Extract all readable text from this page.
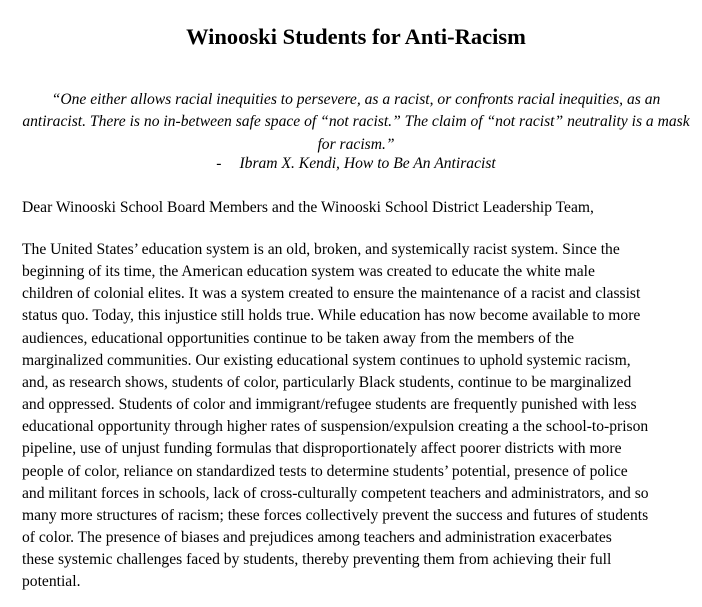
Winooski Students for Anti-Racism

“One either allows racial inequities to persevere, as a racist, or confronts racial inequities, as an antiracist. There is no in-between safe space of “not racist.” The claim of “not racist” neutrality is a mask for racism.”

- Ibram X. Kendi, How to Be An Antiracist

Dear Winooski School Board Members and the Winooski School District Leadership Team,

The United States’ education system is an old, broken, and systemically racist system. Since the
beginning of its time, the American education system was created to educate the white male
children of colonial elites. It was a system created to ensure the maintenance of a racist and classist
status quo. Today, this injustice still holds true. While education has now become available to more
audiences, educational opportunities continue to be taken away from the members of the
marginalized communities. Our existing educational system continues to uphold systemic racism,
and, as research shows, students of color, particularly Black students, continue to be marginalized
and oppressed. Students of color and immigrant/refugee students are frequently punished with less
educational opportunity through higher rates of suspension/expulsion creating a the school-to-prison
pipeline, use of unjust funding formulas that disproportionately affect poorer districts with more
people of color, reliance on standardized tests to determine students’ potential, presence of police
and militant forces in schools, lack of cross-culturally competent teachers and administrators, and so
many more structures of racism; these forces collectively prevent the success and futures of students
of color. The presence of biases and prejudices among teachers and administration exacerbates
these systemic challenges faced by students, thereby preventing them from achieving their full
potential.
